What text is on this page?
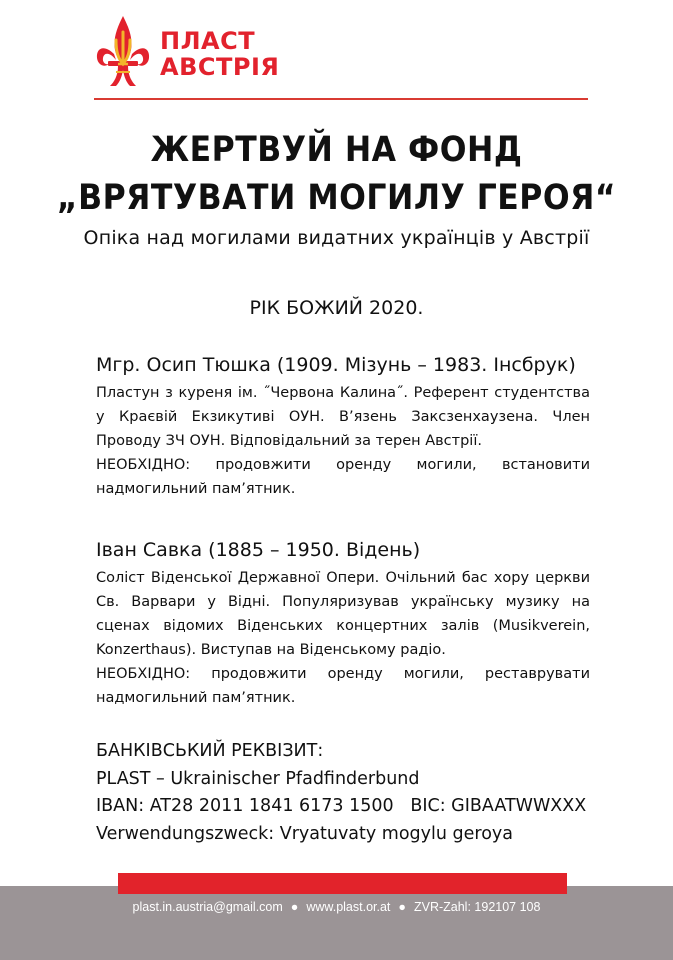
ПЛАСТ
АВСТРІЯ
ЖЕРТВУЙ НА ФОНД
„ВРЯТУВАТИ МОГИЛУ ГЕРОЯ“
Опіка над могилами видатних українців у Австрії
РІК БОЖИЙ 2020.
Мгр. Осип Тюшка (1909. Мізунь – 1983. Інсбрук)

Пластун з куреня ім. ˝Червона Калина˝. Референт студентства у Краєвій Екзикутиві ОУН. В’язень Заксзенхаузена. Член Проводу ЗЧ ОУН. Відповідальний за терен Австрії.

НЕОБХІДНО: продовжити оренду могили, встановити надмогильний пам’ятник.

Іван Савка (1885 – 1950. Відень)

Соліст Віденської Державної Опери. Очільний бас хору церкви Св. Варвари у Відні. Популяризував українську музику на сценах відомих Віденських концертних залів (Musikverein, Konzerthaus). Виступав на Віденському радіо.

НЕОБХІДНО: продовжити оренду могили, реставрувати надмогильний пам’ятник.

БАНКІВСЬКИЙ РЕКВІЗИТ:
PLAST – Ukrainischer Pfadfinderbund
IBAN: AT28 2011 1841 6173 1500   BIC: GIBAATWWXXX
Verwendungszweck: Vryatuvaty mogylu geroya
plast.in.austria@gmail.com ● www.plast.or.at ● ZVR-Zahl: 192107 108
